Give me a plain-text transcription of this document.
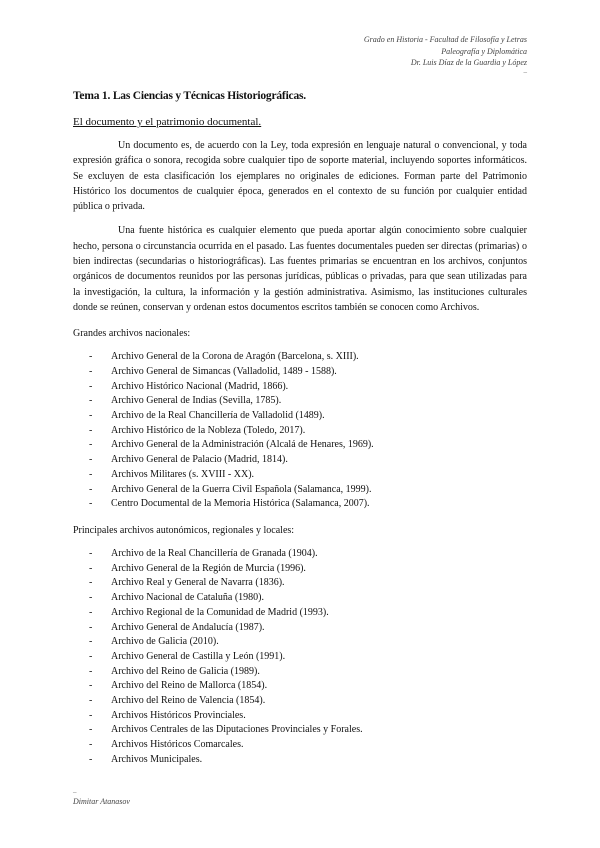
Grado en Historia - Facultad de Filosofía y Letras
Paleografía y Diplomática
Dr. Luis Díaz de la Guardia y López
–
Tema 1. Las Ciencias y Técnicas Historiográficas.
El documento y el patrimonio documental.

Un documento es, de acuerdo con la Ley, toda expresión en lenguaje natural o convencional, y toda expresión gráfica o sonora, recogida sobre cualquier tipo de soporte material, incluyendo soportes informáticos. Se excluyen de esta clasificación los ejemplares no originales de ediciones. Forman parte del Patrimonio Histórico los documentos de cualquier época, generados en el contexto de su función por cualquier entidad pública o privada.

Una fuente histórica es cualquier elemento que pueda aportar algún conocimiento sobre cualquier hecho, persona o circunstancia ocurrida en el pasado. Las fuentes documentales pueden ser directas (primarias) o bien indirectas (secundarias o historiográficas). Las fuentes primarias se encuentran en los archivos, conjuntos orgánicos de documentos reunidos por las personas jurídicas, públicas o privadas, para que sean utilizadas para la investigación, la cultura, la información y la gestión administrativa. Asimismo, las instituciones culturales donde se reúnen, conservan y ordenan estos documentos escritos también se conocen como Archivos.

Grandes archivos nacionales:
- Archivo General de la Corona de Aragón (Barcelona, s. XIII).
- Archivo General de Simancas (Valladolid, 1489 - 1588).
- Archivo Histórico Nacional (Madrid, 1866).
- Archivo General de Indias (Sevilla, 1785).
- Archivo de la Real Chancillería de Valladolid (1489).
- Archivo Histórico de la Nobleza (Toledo, 2017).
- Archivo General de la Administración (Alcalá de Henares, 1969).
- Archivo General de Palacio (Madrid, 1814).
- Archivos Militares (s. XVIII - XX).
- Archivo General de la Guerra Civil Española (Salamanca, 1999).
- Centro Documental de la Memoria Histórica (Salamanca, 2007).
Principales archivos autonómicos, regionales y locales:
- Archivo de la Real Chancillería de Granada (1904).
- Archivo General de la Región de Murcia (1996).
- Archivo Real y General de Navarra (1836).
- Archivo Nacional de Cataluña (1980).
- Archivo Regional de la Comunidad de Madrid (1993).
- Archivo General de Andalucía (1987).
- Archivo de Galicia (2010).
- Archivo General de Castilla y León (1991).
- Archivo del Reino de Galicia (1989).
- Archivo del Reino de Mallorca (1854).
- Archivo del Reino de Valencia (1854).
- Archivos Históricos Provinciales.
- Archivos Centrales de las Diputaciones Provinciales y Forales.
- Archivos Históricos Comarcales.
- Archivos Municipales.
–
Dimitar Atanasov
